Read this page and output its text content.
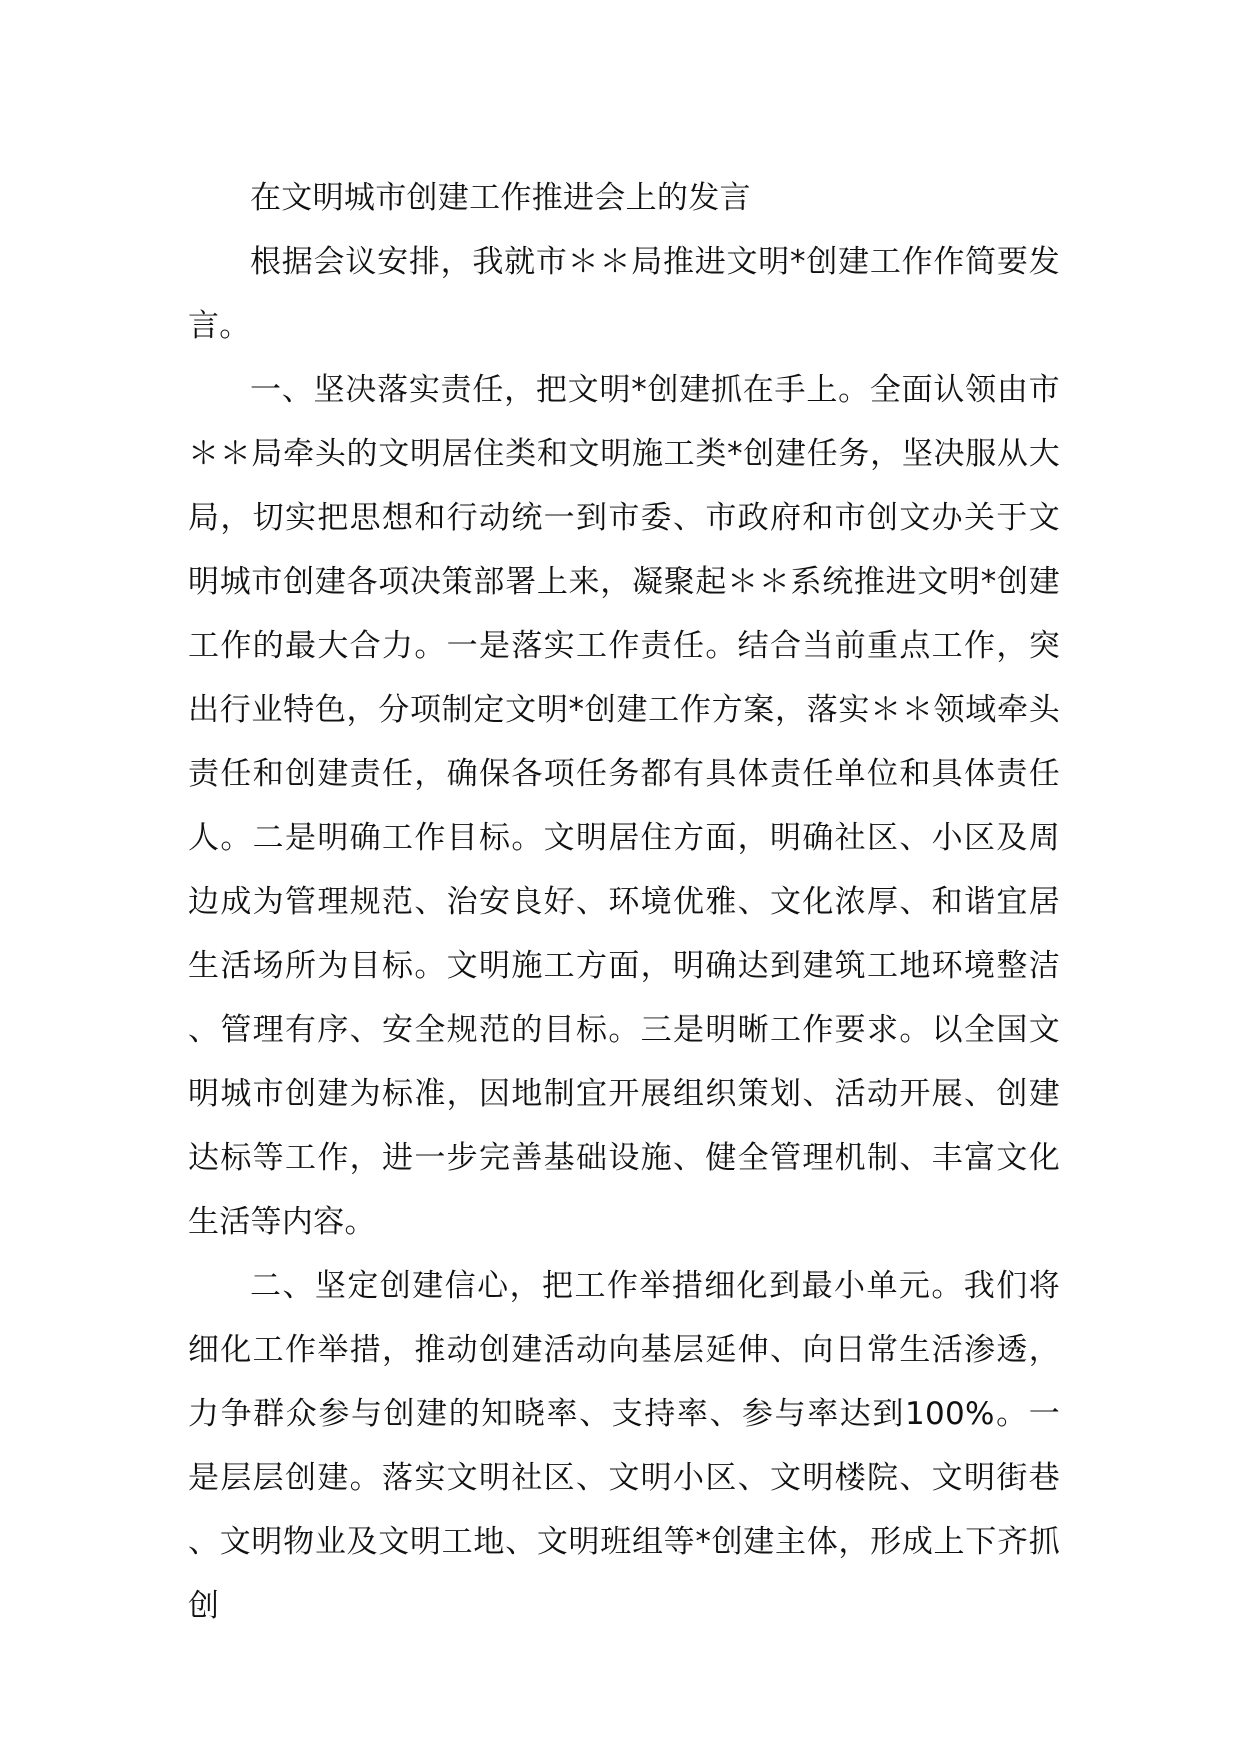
在文明城市创建工作推进会上的发言

根据会议安排，我就市＊＊局推进文明*创建工作作简要发言。

一、坚决落实责任，把文明*创建抓在手上。全面认领由市＊＊局牵头的文明居住类和文明施工类*创建任务，坚决服从大局，切实把思想和行动统一到市委、市政府和市创文办关于文明城市创建各项决策部署上来，凝聚起＊＊系统推进文明*创建工作的最大合力。一是落实工作责任。结合当前重点工作，突出行业特色，分项制定文明*创建工作方案，落实＊＊领域牵头责任和创建责任，确保各项任务都有具体责任单位和具体责任人。二是明确工作目标。文明居住方面，明确社区、小区及周边成为管理规范、治安良好、环境优雅、文化浓厚、和谐宜居生活场所为目标。文明施工方面，明确达到建筑工地环境整洁、管理有序、安全规范的目标。三是明晰工作要求。以全国文明城市创建为标准，因地制宜开展组织策划、活动开展、创建达标等工作，进一步完善基础设施、健全管理机制、丰富文化生活等内容。

二、坚定创建信心，把工作举措细化到最小单元。我们将细化工作举措，推动创建活动向基层延伸、向日常生活渗透，力争群众参与创建的知晓率、支持率、参与率达到100%。一是层层创建。落实文明社区、文明小区、文明楼院、文明街巷、文明物业及文明工地、文明班组等*创建主体，形成上下齐抓创
